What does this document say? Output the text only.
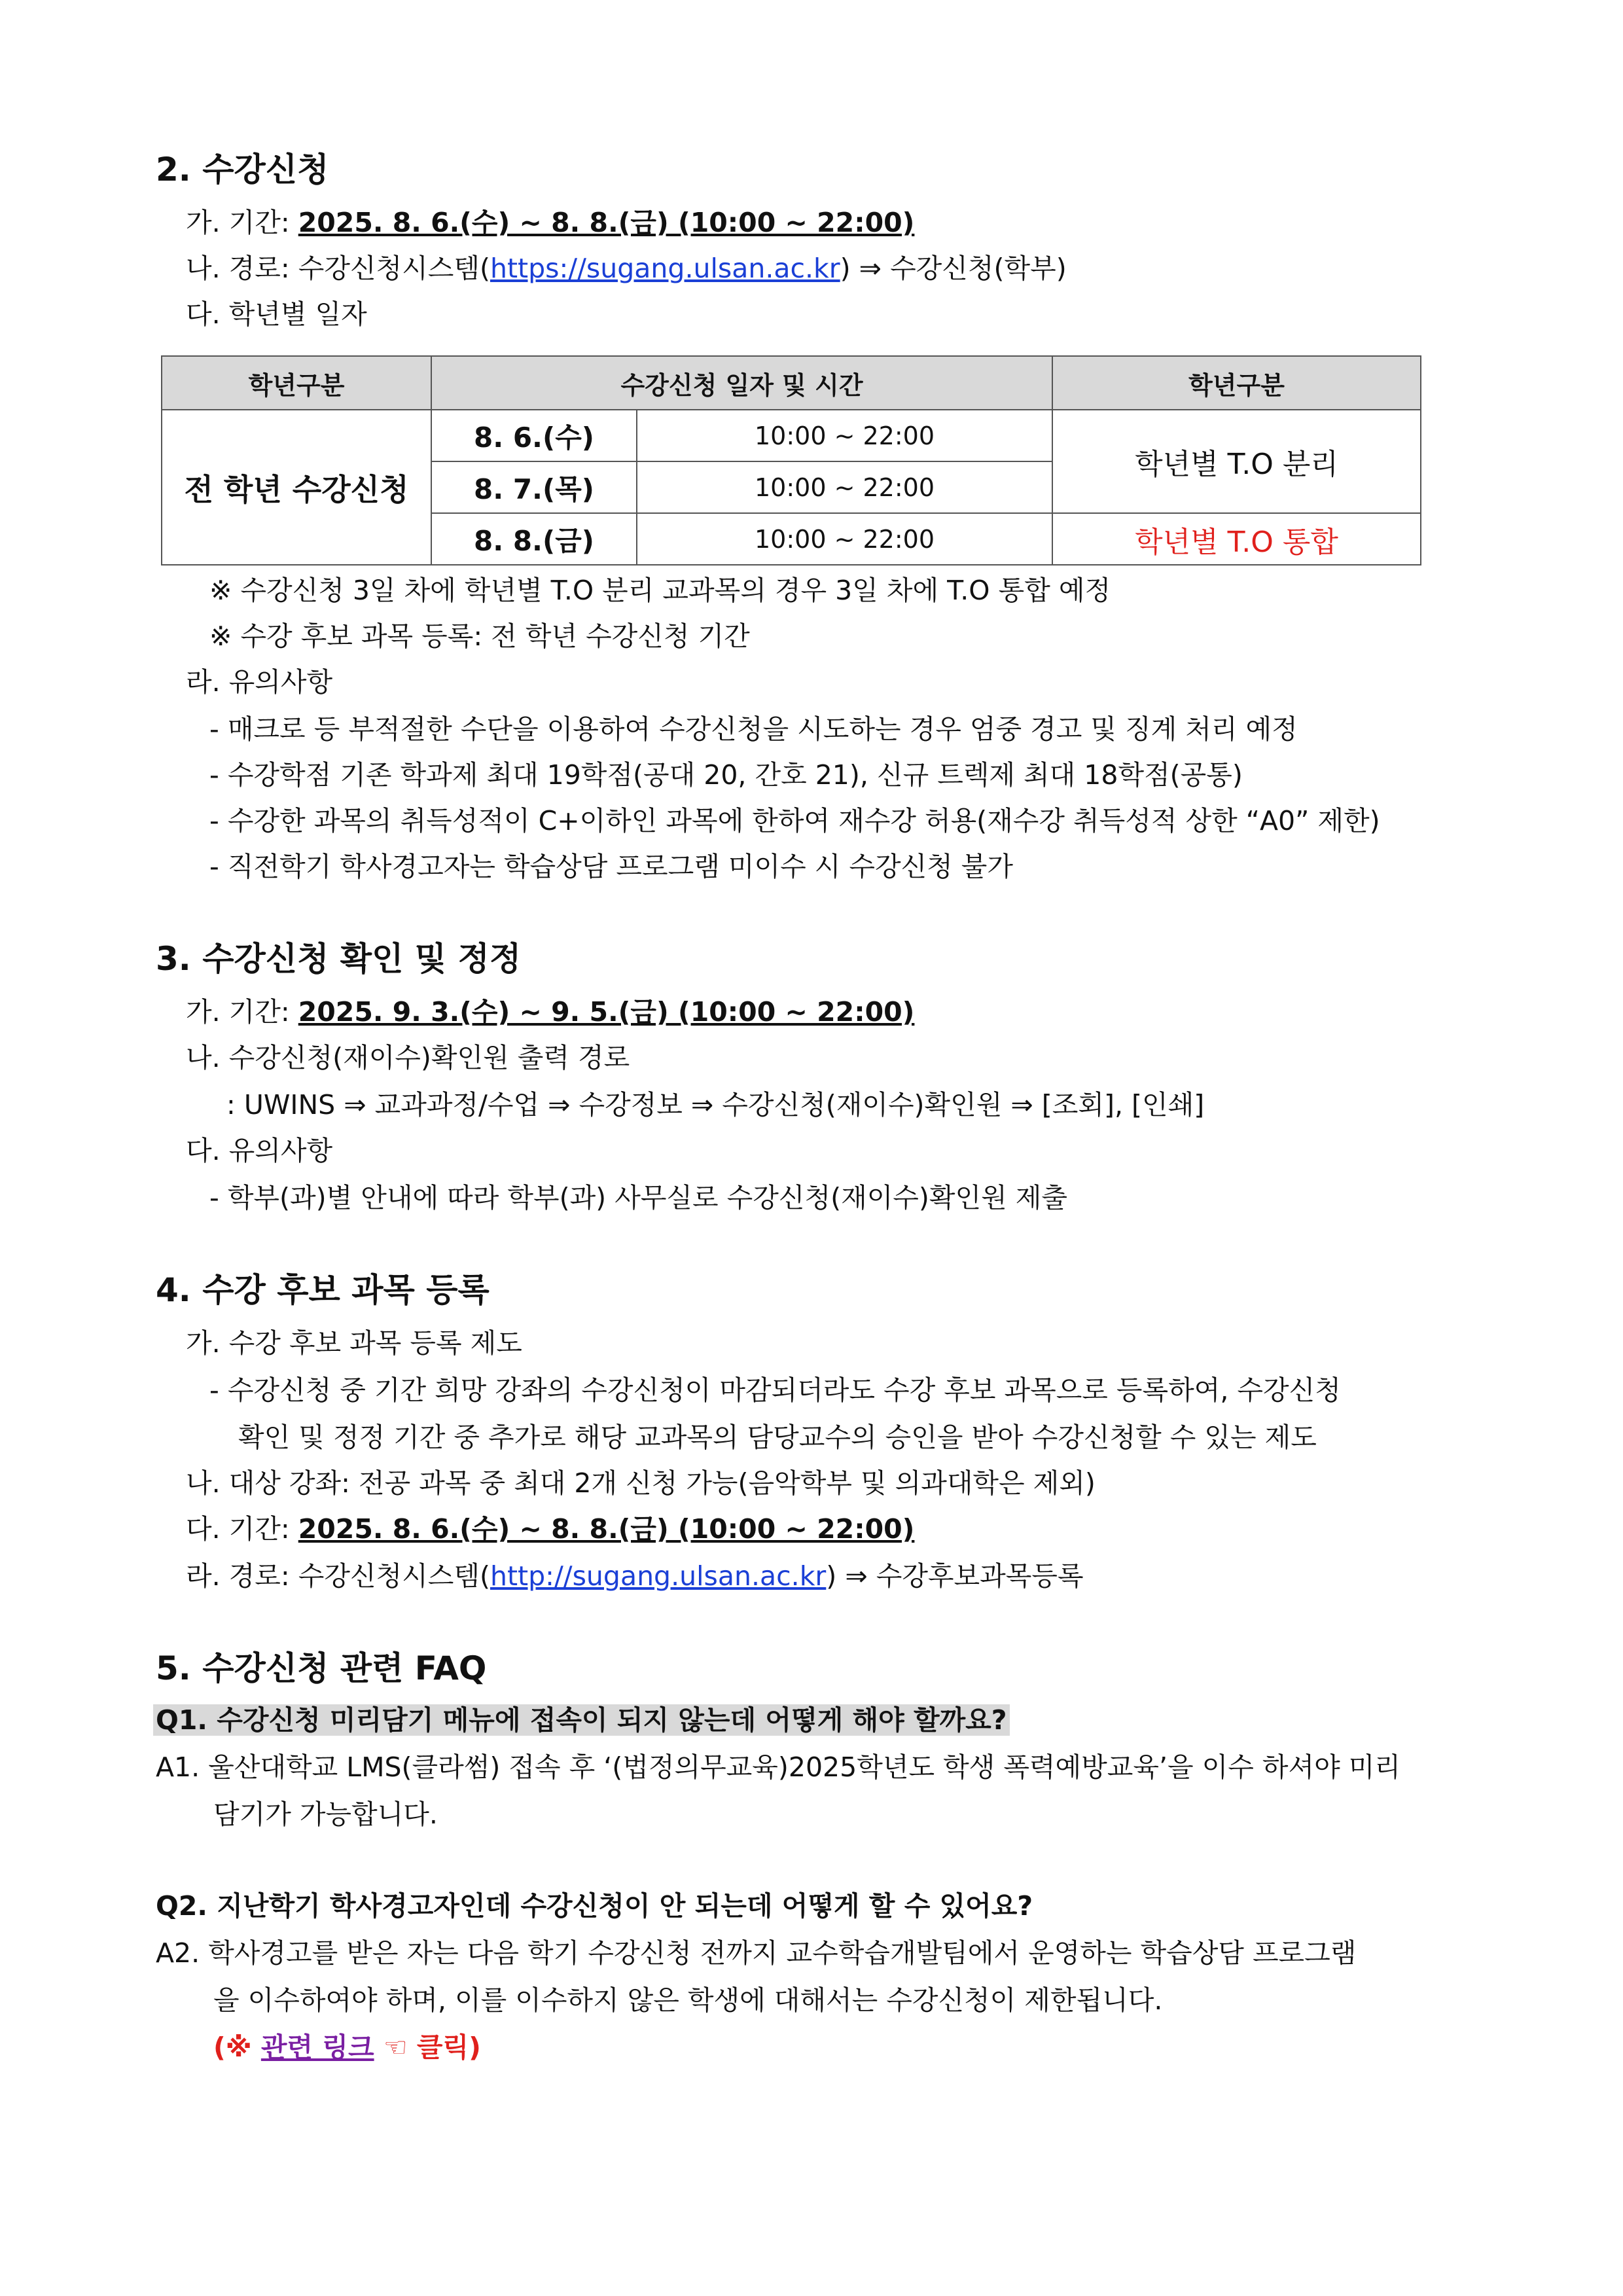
2. 수강신청
가. 기간: 2025. 8. 6.(수) ~ 8. 8.(금) (10:00 ~ 22:00)
나. 경로: 수강신청시스템(https://sugang.ulsan.ac.kr) ⇒ 수강신청(학부)
다. 학년별 일자
학년구분	수강신청 일자 및 시간		학년구분
전 학년 수강신청	8. 6.(수)	10:00 ~ 22:00	학년별 T.O 분리
	8. 7.(목)	10:00 ~ 22:00	
	8. 8.(금)	10:00 ~ 22:00	학년별 T.O 통합
※ 수강신청 3일 차에 학년별 T.O 분리 교과목의 경우 3일 차에 T.O 통합 예정
※ 수강 후보 과목 등록: 전 학년 수강신청 기간
라. 유의사항
- 매크로 등 부적절한 수단을 이용하여 수강신청을 시도하는 경우 엄중 경고 및 징계 처리 예정
- 수강학점 기존 학과제 최대 19학점(공대 20, 간호 21), 신규 트렉제 최대 18학점(공통)
- 수강한 과목의 취득성적이 C+이하인 과목에 한하여 재수강 허용(재수강 취득성적 상한 “A0” 제한)
- 직전학기 학사경고자는 학습상담 프로그램 미이수 시 수강신청 불가
3. 수강신청 확인 및 정정
가. 기간: 2025. 9. 3.(수) ~ 9. 5.(금) (10:00 ~ 22:00)
나. 수강신청(재이수)확인원 출력 경로
: UWINS ⇒ 교과과정/수업 ⇒ 수강정보 ⇒ 수강신청(재이수)확인원 ⇒ [조회], [인쇄]
다. 유의사항
- 학부(과)별 안내에 따라 학부(과) 사무실로 수강신청(재이수)확인원 제출
4. 수강 후보 과목 등록
가. 수강 후보 과목 등록 제도
- 수강신청 중 기간 희망 강좌의 수강신청이 마감되더라도 수강 후보 과목으로 등록하여, 수강신청
확인 및 정정 기간 중 추가로 해당 교과목의 담당교수의 승인을 받아 수강신청할 수 있는 제도
나. 대상 강좌: 전공 과목 중 최대 2개 신청 가능(음악학부 및 의과대학은 제외)
다. 기간: 2025. 8. 6.(수) ~ 8. 8.(금) (10:00 ~ 22:00)
라. 경로: 수강신청시스템(http://sugang.ulsan.ac.kr) ⇒ 수강후보과목등록
5. 수강신청 관련 FAQ
Q1. 수강신청 미리담기 메뉴에 접속이 되지 않는데 어떻게 해야 할까요?
A1. 울산대학교 LMS(클라썸) 접속 후 ‘(법정의무교육)2025학년도 학생 폭력예방교육’을 이수 하셔야 미리
담기가 가능합니다.
Q2. 지난학기 학사경고자인데 수강신청이 안 되는데 어떻게 할 수 있어요?
A2. 학사경고를 받은 자는 다음 학기 수강신청 전까지 교수학습개발팀에서 운영하는 학습상담 프로그램
을 이수하여야 하며, 이를 이수하지 않은 학생에 대해서는 수강신청이 제한됩니다.
(※ 관련 링크 ☜ 클릭)
